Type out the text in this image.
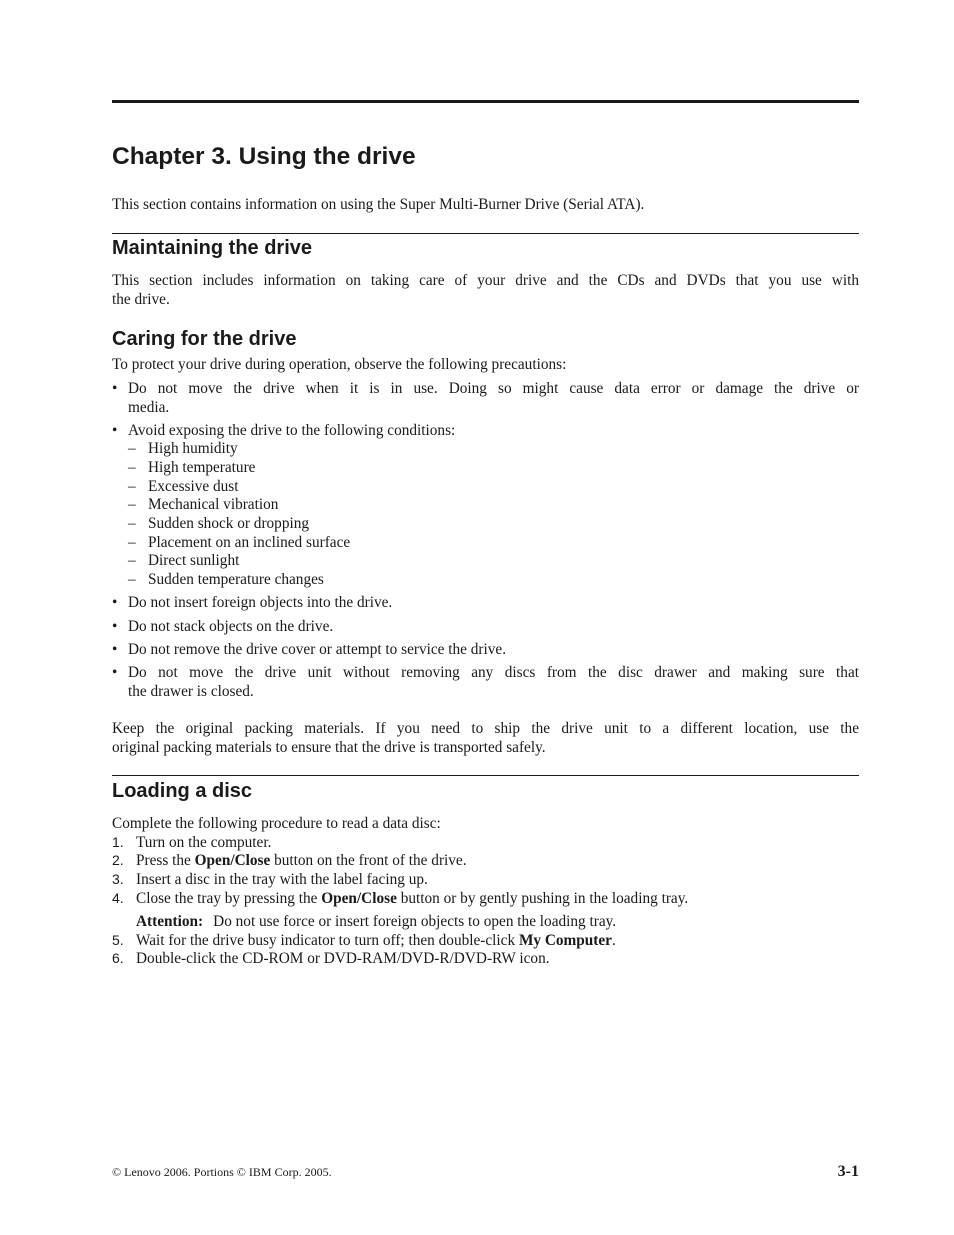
Chapter 3. Using the drive

This section contains information on using the Super Multi-Burner Drive (Serial ATA).

Maintaining the drive
This section includes information on taking care of your drive and the CDs and DVDs that you use with
the drive.
Caring for the drive
To protect your drive during operation, observe the following precautions:
• Do not move the drive when it is in use. Doing so might cause data error or damage the drive or
media.
• Avoid exposing the drive to the following conditions:
– High humidity
– High temperature
– Excessive dust
– Mechanical vibration
– Sudden shock or dropping
– Placement on an inclined surface
– Direct sunlight
– Sudden temperature changes
• Do not insert foreign objects into the drive.
• Do not stack objects on the drive.
• Do not remove the drive cover or attempt to service the drive.
• Do not move the drive unit without removing any discs from the disc drawer and making sure that
the drawer is closed.
Keep the original packing materials. If you need to ship the drive unit to a different location, use the
original packing materials to ensure that the drive is transported safely.
Loading a disc
Complete the following procedure to read a data disc:
1. Turn on the computer.
2. Press the Open/Close button on the front of the drive.
3. Insert a disc in the tray with the label facing up.
4. Close the tray by pressing the Open/Close button or by gently pushing in the loading tray.
Attention: Do not use force or insert foreign objects to open the loading tray.
5. Wait for the drive busy indicator to turn off; then double-click My Computer.
6. Double-click the CD-ROM or DVD-RAM/DVD-R/DVD-RW icon.
© Lenovo 2006. Portions © IBM Corp. 2005.	3-1
